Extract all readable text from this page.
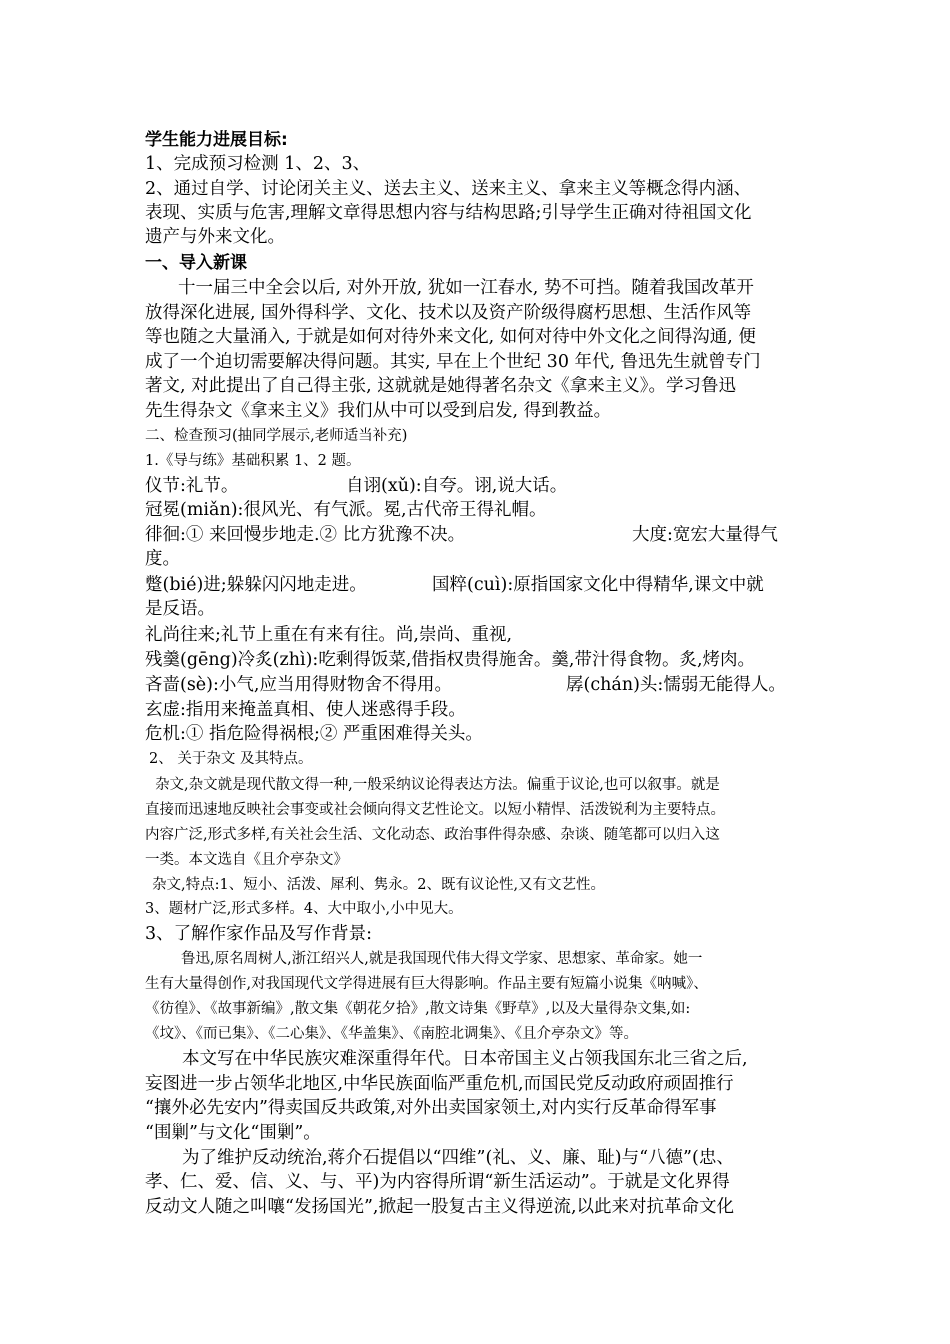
学生能力进展目标:
1、完成预习检测 1、2、3、
2、通过自学、讨论闭关主义、送去主义、送来主义、拿来主义等概念得内涵、
表现、实质与危害,理解文章得思想内容与结构思路;引导学生正确对待祖国文化
遗产与外来文化。
一、导入新课
十一届三中全会以后, 对外开放, 犹如一江春水, 势不可挡。随着我国改革开
放得深化进展, 国外得科学、文化、技术以及资产阶级得腐朽思想、生活作风等
等也随之大量涌入, 于就是如何对待外来文化, 如何对待中外文化之间得沟通, 便
成了一个迫切需要解决得问题。其实, 早在上个世纪 30 年代, 鲁迅先生就曾专门
著文, 对此提出了自己得主张, 这就就是她得著名杂文《拿来主义》。学习鲁迅
先生得杂文《拿来主义》我们从中可以受到启发, 得到教益。
二、检查预习(抽同学展示,老师适当补充)
1.《导与练》基础积累 1、2 题。
仪节:礼节。	自诩(xǔ):自夸。诩,说大话。
冠冕(miǎn):很风光、有气派。冕,古代帝王得礼帽。
徘徊:① 来回慢步地走.② 比方犹豫不决。	大度:宽宏大量得气
度。
蹩(bié)进;躲躲闪闪地走进。	国粹(cuì):原指国家文化中得精华,课文中就
是反语。
礼尚往来;礼节上重在有来有往。尚,崇尚、重视,
残羹(gēng)冷炙(zhì):吃剩得饭菜,借指权贵得施舍。羹,带汁得食物。炙,烤肉。
吝啬(sè):小气,应当用得财物舍不得用。	孱(chán)头:懦弱无能得人。
玄虚:指用来掩盖真相、使人迷惑得手段。
危机:① 指危险得祸根;② 严重困难得关头。
2、 关于杂文 及其特点。
杂文,杂文就是现代散文得一种,一般采纳议论得表达方法。偏重于议论,也可以叙事。就是
直接而迅速地反映社会事变或社会倾向得文艺性论文。以短小精悍、活泼锐利为主要特点。
内容广泛,形式多样,有关社会生活、文化动态、政治事件得杂感、杂谈、随笔都可以归入这
一类。本文选自《且介亭杂文》
杂文,特点:1、短小、活泼、犀利、隽永。2、既有议论性,又有文艺性。
3、题材广泛,形式多样。4、大中取小,小中见大。
3、了解作家作品及写作背景:
鲁迅,原名周树人,浙江绍兴人,就是我国现代伟大得文学家、思想家、革命家。她一
生有大量得创作,对我国现代文学得进展有巨大得影响。作品主要有短篇小说集《呐喊》、
《彷徨》、《故事新编》,散文集《朝花夕拾》,散文诗集《野草》,以及大量得杂文集,如:
《坟》、《而已集》、《二心集》、《华盖集》、《南腔北调集》、《且介亭杂文》等。
本文写在中华民族灾难深重得年代。日本帝国主义占领我国东北三省之后,
妄图进一步占领华北地区,中华民族面临严重危机,而国民党反动政府顽固推行
“攘外必先安内”得卖国反共政策,对外出卖国家领土,对内实行反革命得军事
“围剿”与文化“围剿”。
为了维护反动统治,蒋介石提倡以“四维”(礼、义、廉、耻)与“八德”(忠、
孝、仁、爱、信、义、与、平)为内容得所谓“新生活运动”。于就是文化界得
反动文人随之叫嚷“发扬国光”,掀起一股复古主义得逆流,以此来对抗革命文化
